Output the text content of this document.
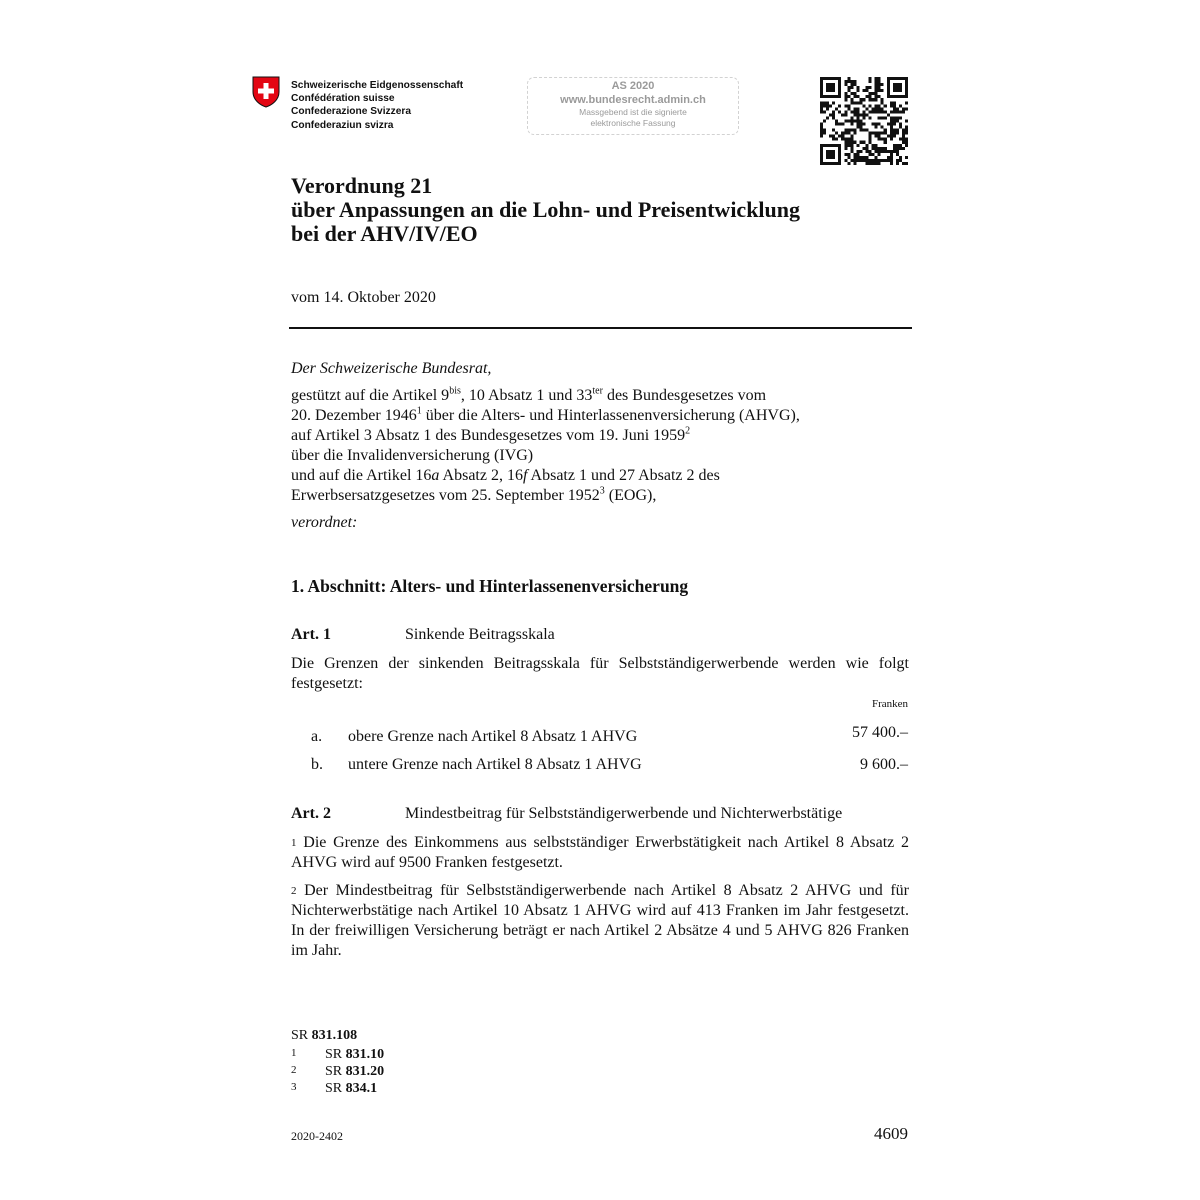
Schweizerische Eidgenossenschaft
Confédération suisse
Confederazione Svizzera
Confederaziun svizra
AS 2020
www.bundesrecht.admin.ch
Massgebend ist die signierte
elektronische Fassung
Verordnung 21
über Anpassungen an die Lohn- und Preisentwicklung
bei der AHV/IV/EO
vom 14. Oktober 2020
Der Schweizerische Bundesrat,
gestützt auf die Artikel $9^{bis}$, 10 Absatz 1 und $33^{ter}$ des Bundesgesetzes vom
20. Dezember 1946$^1$ über die Alters- und Hinterlassenenversicherung (AHVG),
auf Artikel 3 Absatz 1 des Bundesgesetzes vom 19. Juni 1959$^2$
über die Invalidenversicherung (IVG)
und auf die Artikel 16a Absatz 2, 16f Absatz 1 und 27 Absatz 2 des
Erwerbsersatzgesetzes vom 25. September 1952$^3$ (EOG),
verordnet:
1. Abschnitt: Alters- und Hinterlassenenversicherung
Art. 1	Sinkende Beitragsskala
Die Grenzen der sinkenden Beitragsskala für Selbstständigerwerbende werden wie folgt festgesetzt:
Franken
a. obere Grenze nach Artikel 8 Absatz 1 AHVG	57 400.–
b. untere Grenze nach Artikel 8 Absatz 1 AHVG	9 600.–
Art. 2	Mindestbeitrag für Selbstständigerwerbende und Nichterwerbstätige
$^1$ Die Grenze des Einkommens aus selbstständiger Erwerbstätigkeit nach Artikel 8 Absatz 2 AHVG wird auf 9500 Franken festgesetzt.
$^2$ Der Mindestbeitrag für Selbstständigerwerbende nach Artikel 8 Absatz 2 AHVG und für Nichterwerbstätige nach Artikel 10 Absatz 1 AHVG wird auf 413 Franken im Jahr festgesetzt. In der freiwilligen Versicherung beträgt er nach Artikel 2 Absätze 4 und 5 AHVG 826 Franken im Jahr.
SR 831.108
1 SR 831.10
2 SR 831.20
3 SR 834.1
2020-2402	4609
